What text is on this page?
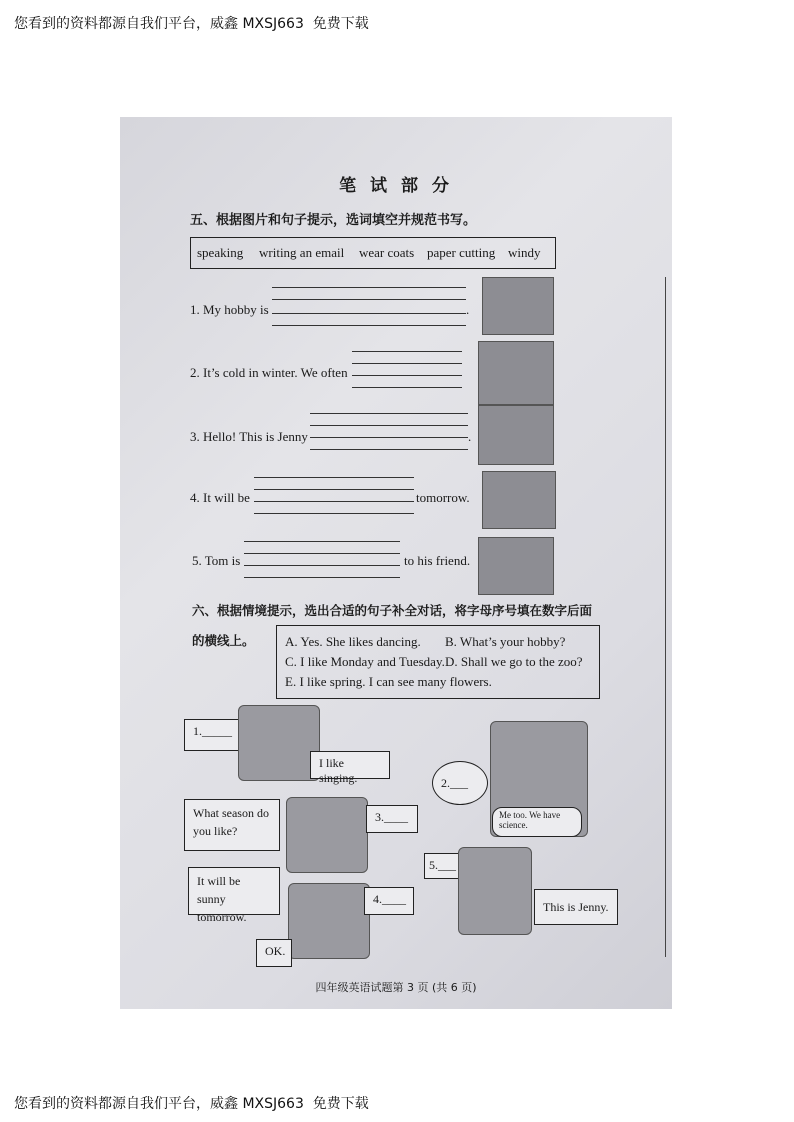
您看到的资料都源自我们平台，威鑫 MXSJ663  免费下载
笔 试 部 分
五、根据图片和句子提示，选词填空并规范书写。
speaking writing an email wear coats paper cutting windy
1. My hobby is	.
2. It’s cold in winter. We often
3. Hello! This is Jenny	.
4. It will be	tomorrow.
5. Tom is	to his friend.
六、根据情境提示，选出合适的句子补全对话，将字母序号填在数字后面
的横线上。 A. Yes. She likes dancing. B. What’s your hobby?
C. I like Monday and Tuesday. D. Shall we go to the zoo?
E. I like spring. I can see many flowers.
1._____
I like singing.	2.___
Me too. We have science.
What season do you like?
3.____
It will be sunny tomorrow.
4.____
OK.
5.___
This is Jenny.
四年级英语试题第 3 页 (共 6 页)
您看到的资料都源自我们平台，威鑫 MXSJ663  免费下载
